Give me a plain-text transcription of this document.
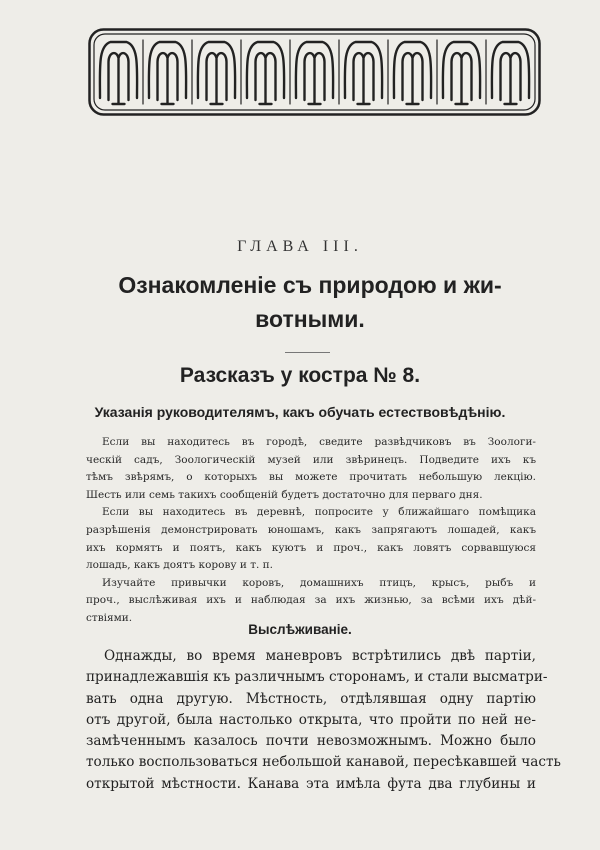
ГЛАВА III.
Ознакомленіе съ природою и жи-
вотными.
Разсказъ у костра № 8.
Указанія руководителямъ, какъ обучать естествовѣдѣнію.
Если вы находитесь въ городѣ, сведите развѣдчиковъ въ Зоологи-
ческій садъ, Зоологическій музей или звѣринецъ. Подведите ихъ къ
тѣмъ звѣрямъ, о которыхъ вы можете прочитать небольшую лекцію.
Шесть или семь такихъ сообщеній будетъ достаточно для перваго дня.
Если вы находитесь въ деревнѣ, попросите у ближайшаго помѣщика
разрѣшенія демонстрировать юношамъ, какъ запрягаютъ лошадей, какъ
ихъ кормятъ и поятъ, какъ куютъ и проч., какъ ловятъ сорвавшуюся
лошадь, какъ доятъ корову и т. п.
Изучайте привычки коровъ, домашнихъ птицъ, крысъ, рыбъ и
проч., выслѣживая ихъ и наблюдая за ихъ жизнью, за всѣми ихъ дѣй-
ствіями.
Выслѣживаніе.
Однажды, во время маневровъ встрѣтились двѣ партіи,
принадлежавшія къ различнымъ сторонамъ, и стали высматри-
вать одна другую. Мѣстность, отдѣлявшая одну партію
отъ другой, была настолько открыта, что пройти по ней не-
замѣченнымъ казалось почти невозможнымъ. Можно было
только воспользоваться небольшой канавой, пересѣкавшей часть
открытой мѣстности. Канава эта имѣла фута два глубины и
